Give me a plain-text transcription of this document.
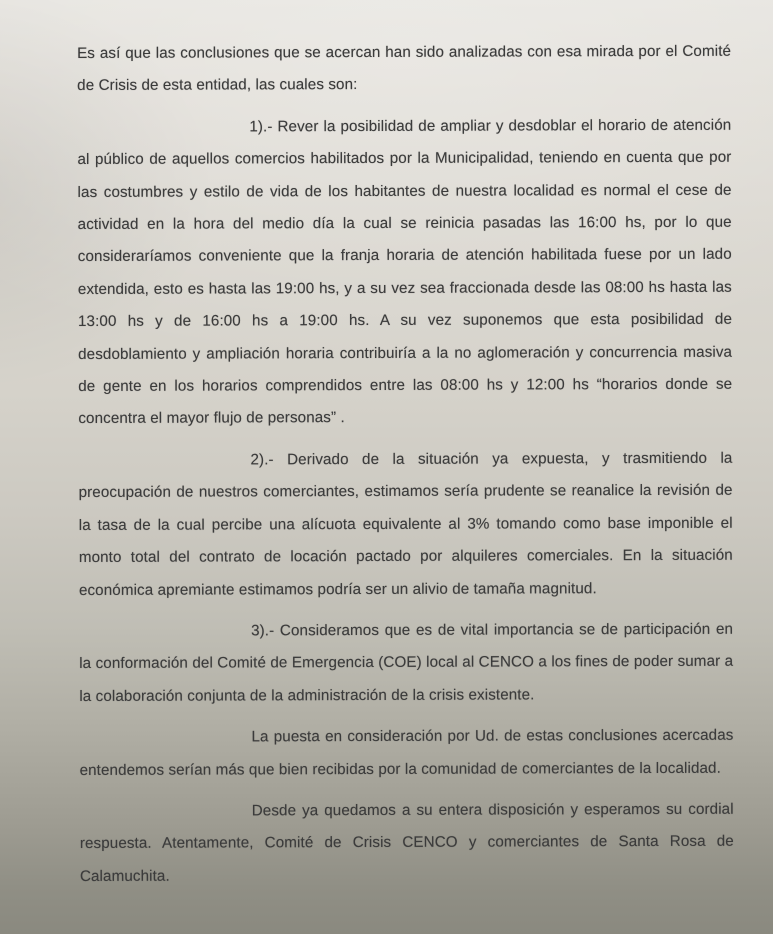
Es así que las conclusiones que se acercan han sido analizadas con esa mirada por el Comité de Crisis de esta entidad, las cuales son:

1).- Rever la posibilidad de ampliar y desdoblar el horario de atención al público de aquellos comercios habilitados por la Municipalidad, teniendo en cuenta que por las costumbres y estilo de vida de los habitantes de nuestra localidad es normal el cese de actividad en la hora del medio día la cual se reinicia pasadas las 16:00 hs, por lo que consideraríamos conveniente que la franja horaria de atención habilitada fuese por un lado extendida, esto es hasta las 19:00 hs, y a su vez sea fraccionada desde las 08:00 hs hasta las 13:00 hs y de 16:00 hs a 19:00 hs. A su vez suponemos que esta posibilidad de desdoblamiento y ampliación horaria contribuiría a la no aglomeración y concurrencia masiva de gente en los horarios comprendidos entre las 08:00 hs y 12:00 hs “horarios donde se concentra el mayor flujo de personas” .

2).- Derivado de la situación ya expuesta, y trasmitiendo la preocupación de nuestros comerciantes, estimamos sería prudente se reanalice la revisión de la tasa de la cual percibe una alícuota equivalente al 3% tomando como base imponible el monto total del contrato de locación pactado por alquileres comerciales. En la situación económica apremiante estimamos podría ser un alivio de tamaña magnitud.

3).- Consideramos que es de vital importancia se de participación en la conformación del Comité de Emergencia (COE) local al CENCO a los fines de poder sumar a la colaboración conjunta de la administración de la crisis existente.

La puesta en consideración por Ud. de estas conclusiones acercadas entendemos serían más que bien recibidas por la comunidad de comerciantes de la localidad.

Desde ya quedamos a su entera disposición y esperamos su cordial respuesta. Atentamente, Comité de Crisis CENCO y comerciantes de Santa Rosa de Calamuchita.
